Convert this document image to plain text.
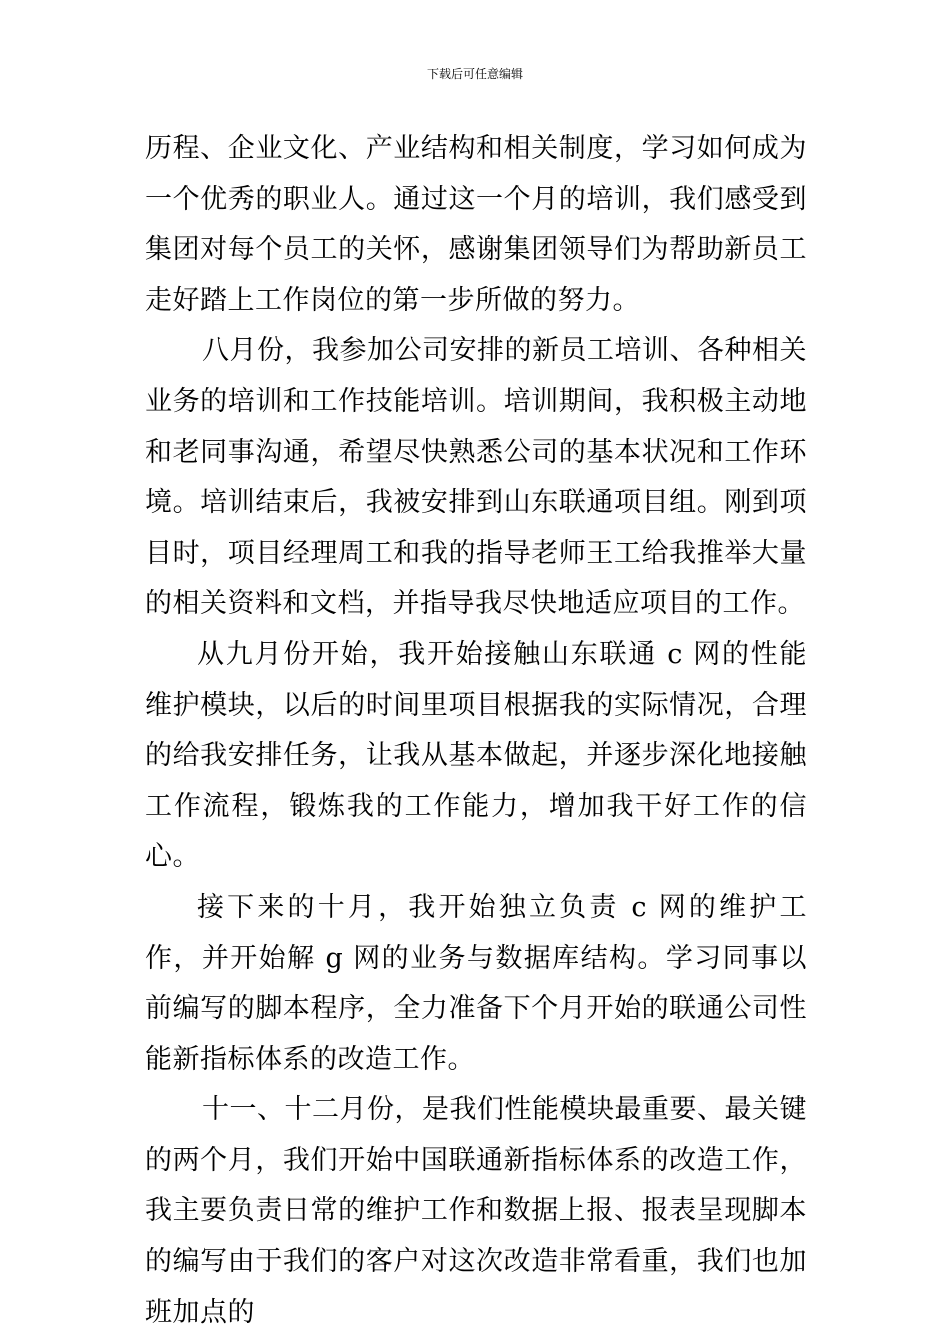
下载后可任意编辑

历程、企业文化、产业结构和相关制度，学习如何成为一个优秀的职业人。通过这一个月的培训，我们感受到集团对每个员工的关怀，感谢集团领导们为帮助新员工走好踏上工作岗位的第一步所做的努力。

八月份，我参加公司安排的新员工培训、各种相关业务的培训和工作技能培训。培训期间，我积极主动地和老同事沟通，希望尽快熟悉公司的基本状况和工作环境。培训结束后，我被安排到山东联通项目组。刚到项目时，项目经理周工和我的指导老师王工给我推举大量的相关资料和文档，并指导我尽快地适应项目的工作。

从九月份开始，我开始接触山东联通 c 网的性能维护模块，以后的时间里项目根据我的实际情况，合理的给我安排任务，让我从基本做起，并逐步深化地接触工作流程，锻炼我的工作能力，增加我干好工作的信心。

接下来的十月，我开始独立负责 c 网的维护工作，并开始解 g 网的业务与数据库结构。学习同事以前编写的脚本程序，全力准备下个月开始的联通公司性能新指标体系的改造工作。

十一、十二月份，是我们性能模块最重要、最关键的两个月，我们开始中国联通新指标体系的改造工作，我主要负责日常的维护工作和数据上报、报表呈现脚本的编写由于我们的客户对这次改造非常看重，我们也加班加点的
